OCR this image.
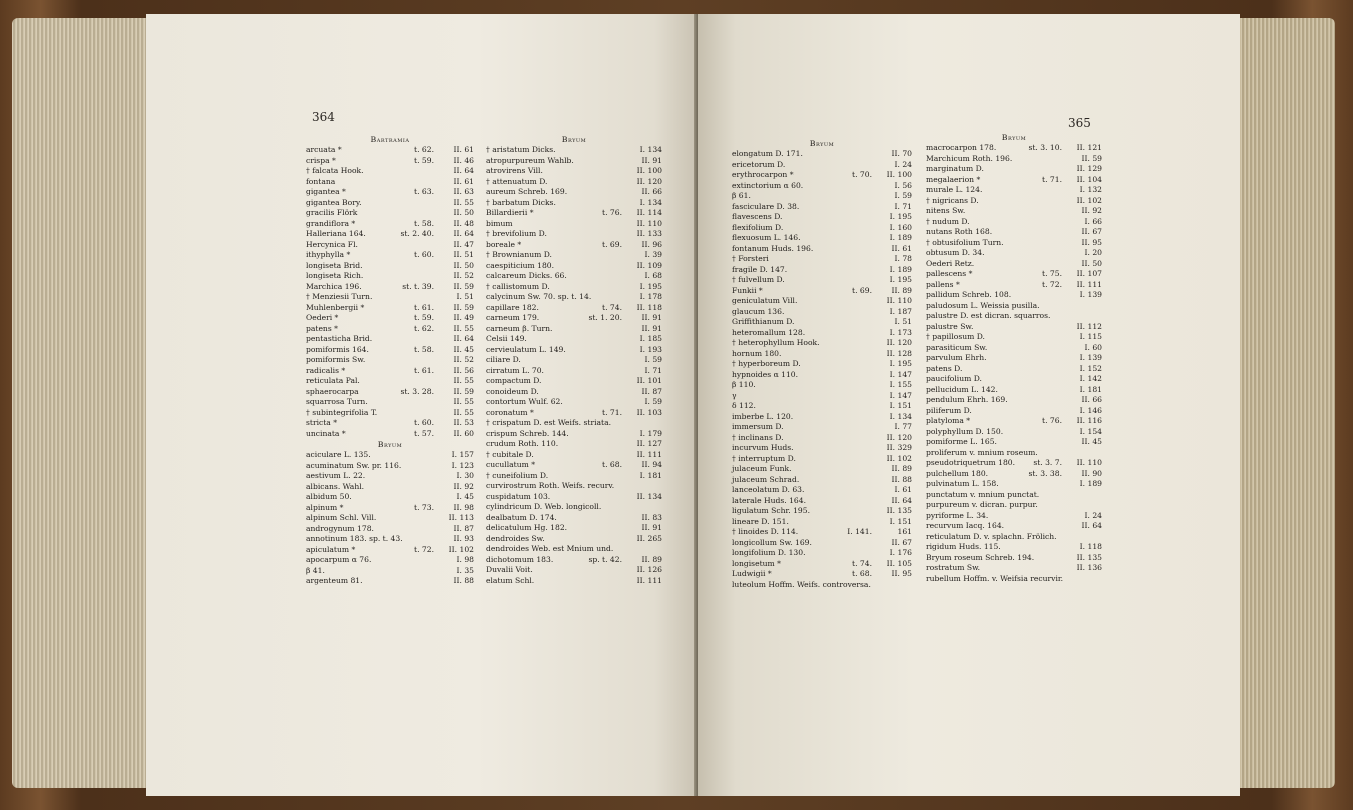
364
Bartramia
arcuata *	t. 62.	II. 61
crispa *	t. 59.	II. 46
† falcata Hook.	II. 64
fontana	II. 61
gigantea *	t. 63.	II. 63
gigantea Bory.	II. 55
gracilis Flörk	II. 50
grandiflora *	t. 58.	II. 48
Halleriana 164.	st. 2. 40.	II. 64
Hercynica Fl.	II. 47
ithyphylla *	t. 60.	II. 51
longiseta Brid.	II. 50
longiseta Rich.	II. 52
Marchica 196.	st. t. 39.	II. 59
† Menziesii Turn.	I. 51
Muhlenbergii *	t. 61.	II. 59
Oederi *	t. 59.	II. 49
patens *	t. 62.	II. 55
pentasticha Brid.	II. 64
pomiformis 164.	t. 58.	II. 45
pomiformis Sw.	II. 52
radicalis *	t. 61.	II. 56
reticulata Pal.	II. 55
sphaerocarpa	st. 3. 28.	II. 59
squarrosa Turn.	II. 55
† subintegrifolia T.	II. 55
stricta *	t. 60.	II. 53
uncinata *	t. 57.	II. 60
Bryum
aciculare L. 135.	I. 157
acuminatum Sw. pr. 116.	I. 123
aestivum L. 22.	I. 30
albicans. Wahl.	II. 92
albidum 50.	I. 45
alpinum *	t. 73.	II. 98
alpinum Schl. Vill.	II. 113
androgynum 178.	II. 87
annotinum 183. sp. t. 43.	II. 93
apiculatum *	t. 72. II. 102
apocarpum α 76.	I. 98
β 41.	I. 35
argenteum 81.	II. 88
Bryum
† aristatum Dicks.	I. 134
atropurpureum Wahlb.	II. 91
atrovirens Vill.	II. 100
† attenuatum D.	II. 120
aureum Schreb. 169.	II. 66
† barbatum Dicks.	I. 134
Billardierii *	t. 76. II. 114
bimum	II. 110
† brevifolium D.	II. 133
boreale *	t. 69.	II. 96
† Brownianum D.	I. 39
caespiticium 180.	II. 109
calcareum Dicks. 66.	I. 68
† callistomum D.	I. 195
calycinum Sw. 70. sp. t. 14.	I. 178
capillare 182.	t. 74. II. 118
carneum 179.	st. 1. 20.	II. 91
carneum β. Turn.	II. 91
Celsii 149.	I. 185
cervieulatum L. 149.	I. 193
ciliare D.	I. 59
cirratum L. 70.	I. 71
compactum D.	II. 101
conoideum D.	II. 87
contortum Wulf. 62.	I. 59
coronatum *	t. 71. II. 103
† crispatum D. est Weifs. striata.
crispum Schreb. 144.	I. 179
crudum Roth. 110.	II. 127
† cubitale D.	II. 111
cucullatum *	t. 68.	II. 94
† cuneifolium D.	I. 181
curvirostrum Roth. Weifs. recurv.
cuspidatum 103.	II. 134
cylindricum D. Web. longicoll.
dealbatum D. 174.	II. 83
delicatulum Hg. 182.	II. 91
dendroides Sw.	II. 265
dendroides Web. est Mnium und.
dichotomum 183.	sp. t. 42.	II. 89
Duvalii Voit.	II. 126
elatum Schl.	II. 111
365
Bryum
elongatum D. 171.	II. 70
ericetorum D.	I. 24
erythrocarpon *	t. 70. II. 100
extinctorium α 60.	I. 56
β 61.	I. 59
fascicularе D. 38.	I. 71
flavescens D.	I. 195
flexifolium D.	I. 160
flexuosum L. 146.	I. 189
fontanum Huds. 196.	II. 61
† Forsteri	I. 78
fragile D. 147.	I. 189
† fulvellum D.	I. 195
Funkii *	t. 69.	II. 89
geniculatum Vill.	II. 110
glaucum 136.	I. 187
Griffithianum D.	I. 51
heteromallum 128.	I. 173
† heterophyllum Hook.	II. 120
hornum 180.	II. 128
† hyperboreum D.	I. 195
hypnoides α 110.	I. 147
β 110.	I. 155
γ	I. 147
δ 112.	I. 151
imberbe L. 120.	I. 134
immersum D.	I. 77
† inclinans D.	II. 120
incurvum Huds.	II. 329
† interruptum D.	II. 102
julaceum Funk.	II. 89
julaceum Schrad.	II. 88
lanceolatum D. 63.	I. 61
laterale Huds. 164.	II. 64
ligulatum Schr. 195.	II. 135
lineare D. 151.	I. 151
† linoides D. 114.	I. 141.	161
longicollum Sw. 169.	II. 67
longifolium D. 130.	I. 176
longisetum *	t. 74. II. 105
Ludwigii *	t. 68.	II. 95
luteolum Hoffm. Weifs. controversa.
Bryum
macrocarpon 178.	st. 3. 10. II. 121
Marchicum Roth. 196.	II. 59
marginatum D.	II. 129
megalaerion *	t. 71. II. 104
murale L. 124.	I. 132
† nigricans D.	II. 102
nitens Sw.	II. 92
† nudum D.	I. 66
nutans Roth 168.	II. 67
† obtusifolium Turn.	II. 95
obtusum D. 34.	I. 20
Oederi Retz.	II. 50
pallescens *	t. 75. II. 107
pallens *	t. 72. II. 111
pallidum Schreb. 108.	I. 139
paludosum L. Weissia pusilla.
palustre D. est dicran. squarros.
palustre Sw.	II. 112
† papillosum D.	I. 115
parasiticum Sw.	I. 60
parvulum Ehrh.	I. 139
patens D.	I. 152
paucifolium D.	I. 142
pellucidum L. 142.	I. 181
pendulum Ehrh. 169.	II. 66
piliferum D.	I. 146
platyloma *	t. 76. II. 116
polyphyllum D. 150.	I. 154
pomiforme L. 165.	II. 45
proliferum v. mnium roseum.
pseudotriquetrum 180. st. 3. 7. II. 110
pulchellum 180.	st. 3. 38.	II. 90
pulvinatum L. 158.	I. 189
punctatum v. mnium punctat.
purpureum v. dicran. purpur.
pyriforme L. 34.	I. 24
recurvum Iacq. 164.	II. 64
reticulatum D. v. splachn. Frölich.
rigidum Huds. 115.	I. 118
Bryum roseum Schreb. 194.	II. 135
rostratum Sw.	II. 136
rubellum Hoffm. v. Weifsia recurvir.
